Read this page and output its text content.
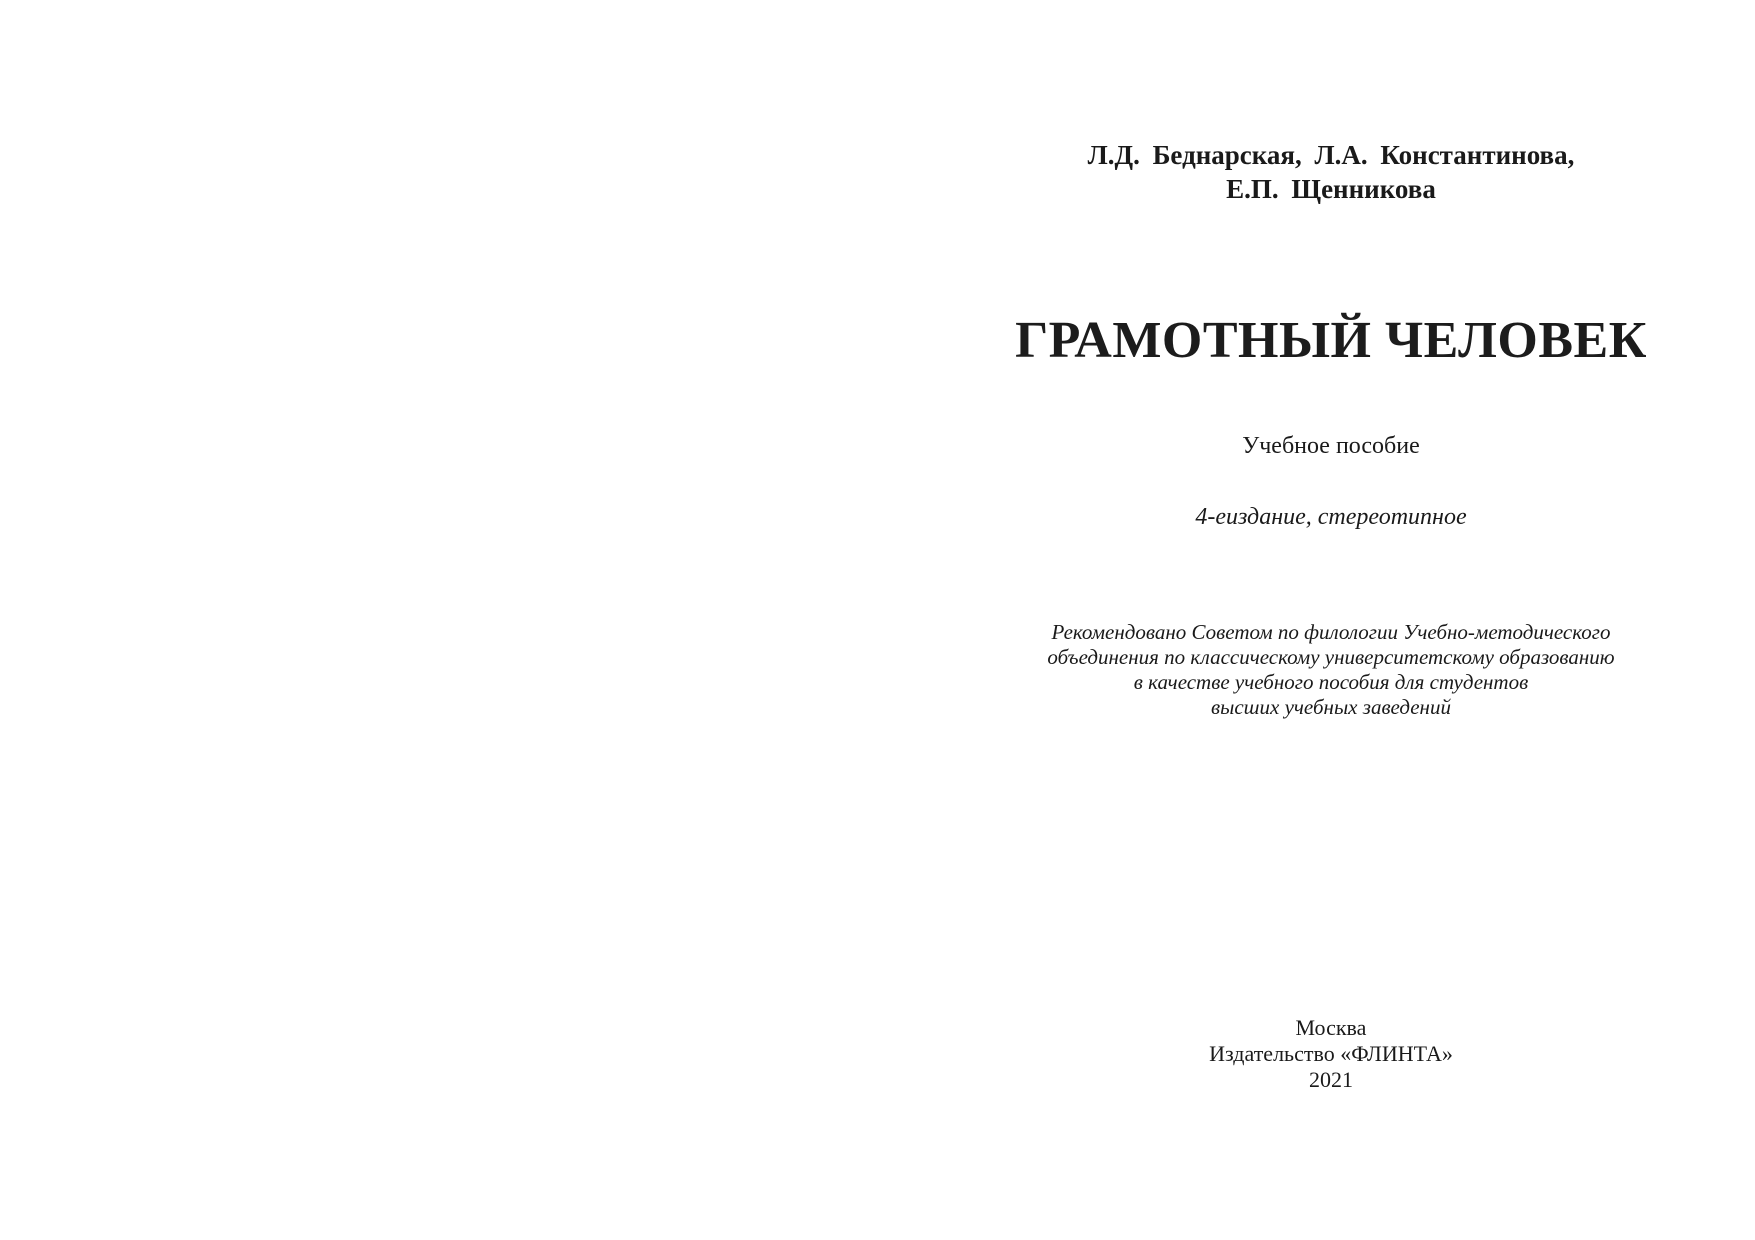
Л.Д. Беднарская, Л.А. Константинова,
Е.П. Щенникова
ГРАМОТНЫЙ ЧЕЛОВЕК
Учебное пособие
4-еиздание, стереотипное
Рекомендовано Советом по филологии Учебно-методического
объединения по классическому университетскому образованию
в качестве учебного пособия для студентов
высших учебных заведений
Москва
Издательство «ФЛИНТА»
2021
